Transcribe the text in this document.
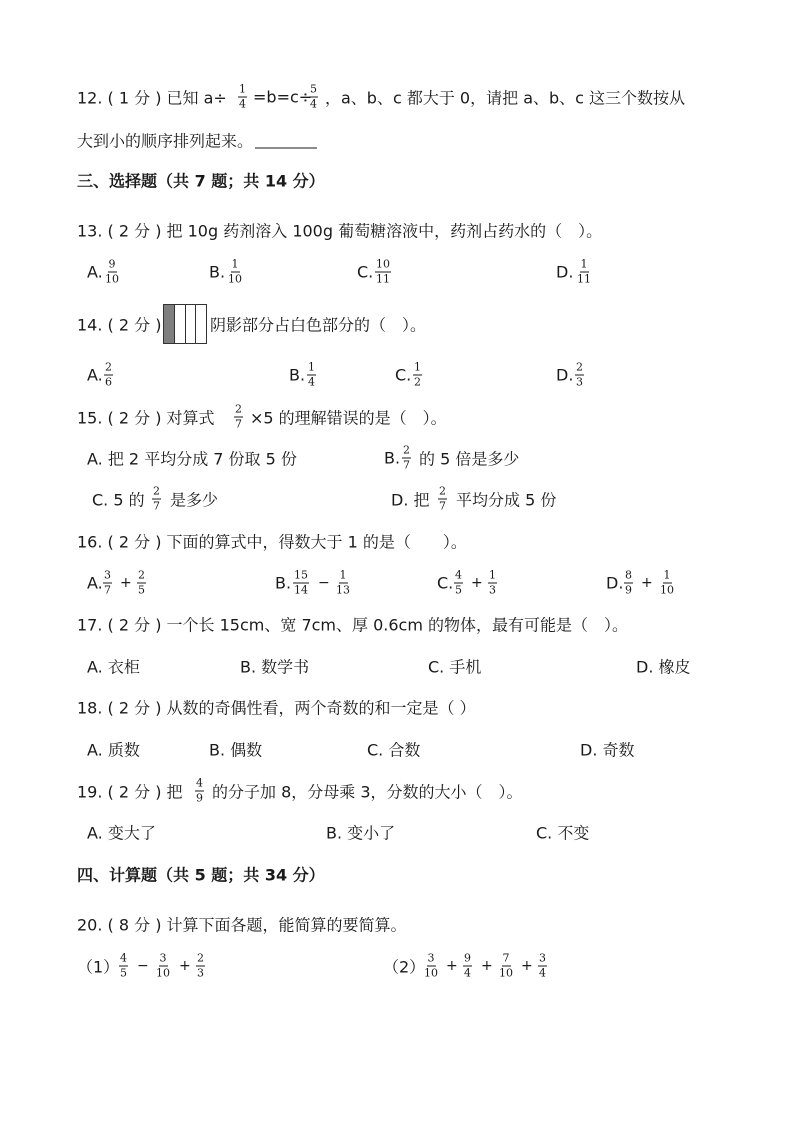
12. ( 1 分 ) 已知 $a\div \frac{1}{4} =b=c\div$
$\frac{5}{4}$ ，a、b、c 都大于 0，请把 a、b、c 这三个数按从
大到小的顺序排列起来。
三、选择题（共 7 题；共 14 分）
13. ( 2 分 ) 把 10g 药剂溶入 100g 葡萄糖溶液中，药剂占药水的（　）。
A. $\frac{9}{10}$	B. $\frac{1}{10}$	C. $\frac{10}{11}$	D. $\frac{1}{11}$
14. ( 2 分 )	阴影部分占白色部分的（　）。
A. $\frac{2}{6}$	B. $\frac{1}{4}$	C. $\frac{1}{2}$	D. $\frac{2}{3}$
15. ( 2 分 ) 对算式 $\frac{2}{7} \times 5$ 的理解错误的是（　）。
A. 把 2 平均分成 7 份取 5 份	B. $\frac{2}{7}$ 的 5 倍是多少
C. 5 的 $\frac{2}{7}$ 是多少	D. 把 $\frac{2}{7}$ 平均分成 5 份
16. ( 2 分 ) 下面的算式中，得数大于 1 的是（　　）。
A. $\frac{3}{7} + \frac{2}{5}$	B. $\frac{15}{14} - \frac{1}{13}$	C. $\frac{4}{5} + \frac{1}{3}$	D. $\frac{8}{9} + \frac{1}{10}$
17. ( 2 分 ) 一个长 15cm、宽 7cm、厚 0.6cm 的物体，最有可能是（　）。
A. 衣柜	B. 数学书	C. 手机	D. 橡皮
18. ( 2 分 ) 从数的奇偶性看，两个奇数的和一定是（ ）
A. 质数	B. 偶数	C. 合数	D. 奇数
19. ( 2 分 ) 把 $\frac{4}{9}$ 的分子加 8，分母乘 3，分数的大小（　）。
A. 变大了	B. 变小了	C. 不变
四、计算题（共 5 题；共 34 分）
20. ( 8 分 ) 计算下面各题，能简算的要简算。
$(1) \frac{4}{5} - \frac{3}{10} + \frac{2}{3}$	（2）
$\frac{3}{10} + \frac{9}{4} + \frac{7}{10} + \frac{3}{4}$
